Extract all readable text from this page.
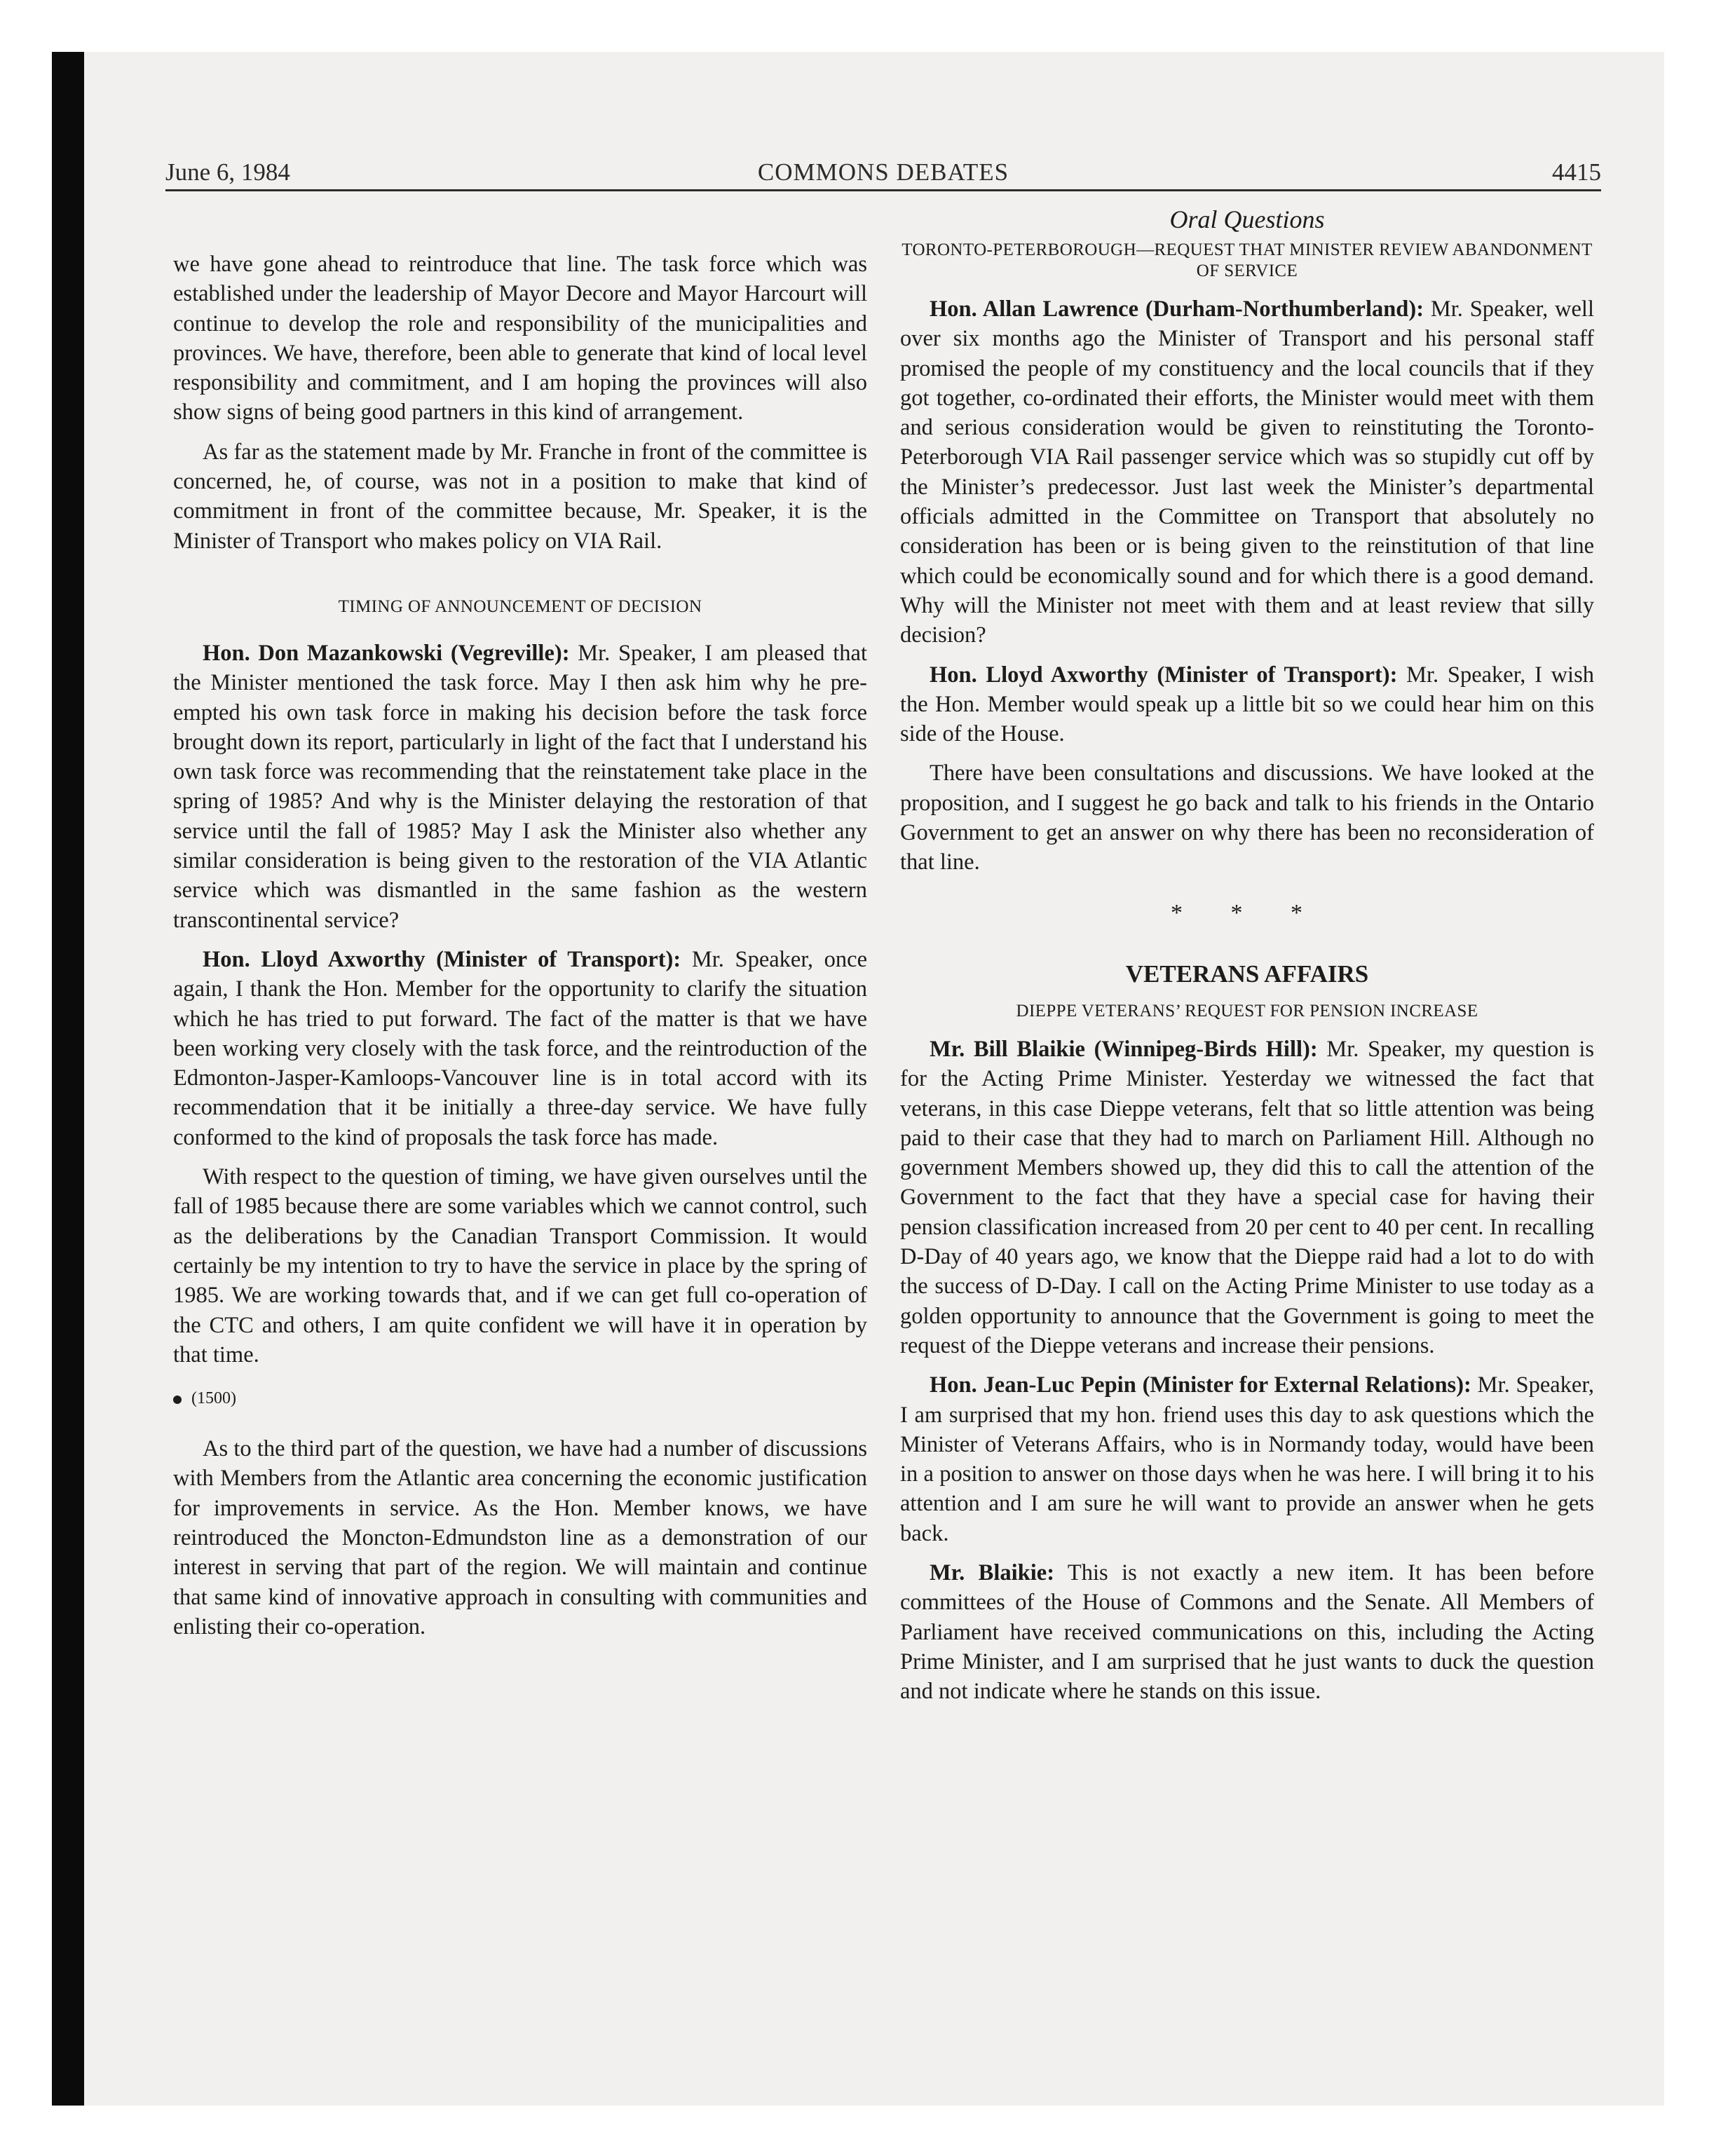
June 6, 1984	COMMONS DEBATES	4415

we have gone ahead to reintroduce that line. The task force which was established under the leadership of Mayor Decore and Mayor Harcourt will continue to develop the role and responsibility of the municipalities and provinces. We have, therefore, been able to generate that kind of local level responsibility and commitment, and I am hoping the provinces will also show signs of being good partners in this kind of arrangement.

As far as the statement made by Mr. Franche in front of the committee is concerned, he, of course, was not in a position to make that kind of commitment in front of the committee because, Mr. Speaker, it is the Minister of Transport who makes policy on VIA Rail.

TIMING OF ANNOUNCEMENT OF DECISION

Hon. Don Mazankowski (Vegreville): Mr. Speaker, I am pleased that the Minister mentioned the task force. May I then ask him why he pre-empted his own task force in making his decision before the task force brought down its report, particularly in light of the fact that I understand his own task force was recommending that the reinstatement take place in the spring of 1985? And why is the Minister delaying the restoration of that service until the fall of 1985? May I ask the Minister also whether any similar consideration is being given to the restoration of the VIA Atlantic service which was dismantled in the same fashion as the western transcontinental service?

Hon. Lloyd Axworthy (Minister of Transport): Mr. Speaker, once again, I thank the Hon. Member for the opportunity to clarify the situation which he has tried to put forward. The fact of the matter is that we have been working very closely with the task force, and the reintroduction of the Edmonton-Jasper-Kamloops-Vancouver line is in total accord with its recommendation that it be initially a three-day service. We have fully conformed to the kind of proposals the task force has made.

With respect to the question of timing, we have given ourselves until the fall of 1985 because there are some variables which we cannot control, such as the deliberations by the Canadian Transport Commission. It would certainly be my intention to try to have the service in place by the spring of 1985. We are working towards that, and if we can get full co-operation of the CTC and others, I am quite confident we will have it in operation by that time.

(1500)

As to the third part of the question, we have had a number of discussions with Members from the Atlantic area concerning the economic justification for improvements in service. As the Hon. Member knows, we have reintroduced the Moncton-Edmundston line as a demonstration of our interest in serving that part of the region. We will maintain and continue that same kind of innovative approach in consulting with communities and enlisting their co-operation.

Oral Questions
TORONTO-PETERBOROUGH—REQUEST THAT MINISTER REVIEW ABANDONMENT OF SERVICE

Hon. Allan Lawrence (Durham-Northumberland): Mr. Speaker, well over six months ago the Minister of Transport and his personal staff promised the people of my constituency and the local councils that if they got together, co-ordinated their efforts, the Minister would meet with them and serious consideration would be given to reinstituting the Toronto-Peterborough VIA Rail passenger service which was so stupidly cut off by the Minister’s predecessor. Just last week the Minister’s departmental officials admitted in the Committee on Transport that absolutely no consideration has been or is being given to the reinstitution of that line which could be economically sound and for which there is a good demand. Why will the Minister not meet with them and at least review that silly decision?

Hon. Lloyd Axworthy (Minister of Transport): Mr. Speaker, I wish the Hon. Member would speak up a little bit so we could hear him on this side of the House.

There have been consultations and discussions. We have looked at the proposition, and I suggest he go back and talk to his friends in the Ontario Government to get an answer on why there has been no reconsideration of that line.

* * *
VETERANS AFFAIRS
DIEPPE VETERANS’ REQUEST FOR PENSION INCREASE

Mr. Bill Blaikie (Winnipeg-Birds Hill): Mr. Speaker, my question is for the Acting Prime Minister. Yesterday we witnessed the fact that veterans, in this case Dieppe veterans, felt that so little attention was being paid to their case that they had to march on Parliament Hill. Although no government Members showed up, they did this to call the attention of the Government to the fact that they have a special case for having their pension classification increased from 20 per cent to 40 per cent. In recalling D-Day of 40 years ago, we know that the Dieppe raid had a lot to do with the success of D-Day. I call on the Acting Prime Minister to use today as a golden opportunity to announce that the Government is going to meet the request of the Dieppe veterans and increase their pensions.

Hon. Jean-Luc Pepin (Minister for External Relations): Mr. Speaker, I am surprised that my hon. friend uses this day to ask questions which the Minister of Veterans Affairs, who is in Normandy today, would have been in a position to answer on those days when he was here. I will bring it to his attention and I am sure he will want to provide an answer when he gets back.

Mr. Blaikie: This is not exactly a new item. It has been before committees of the House of Commons and the Senate. All Members of Parliament have received communications on this, including the Acting Prime Minister, and I am surprised that he just wants to duck the question and not indicate where he stands on this issue.
